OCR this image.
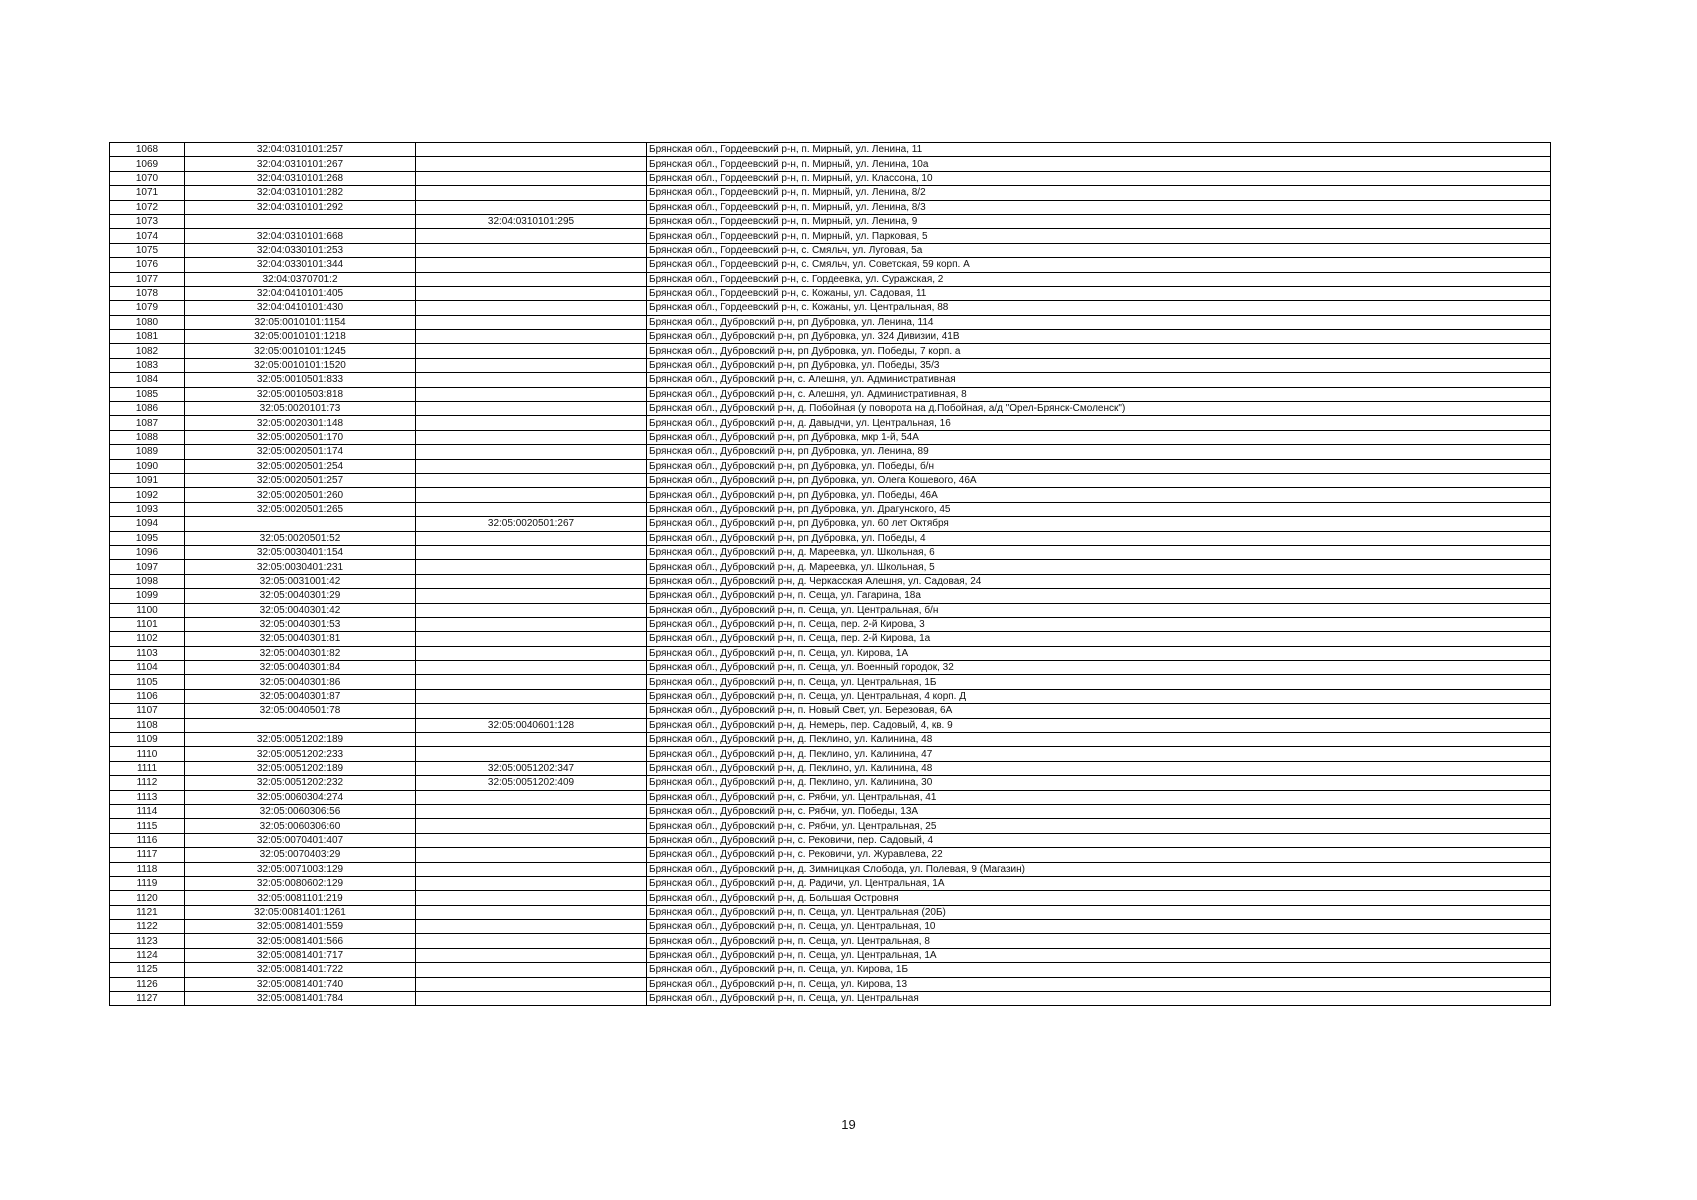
1068	32:04:0310101:257		Брянская обл., Гордеевский р-н, п. Мирный, ул. Ленина, 11
1069	32:04:0310101:267		Брянская обл., Гордеевский р-н, п. Мирный, ул. Ленина, 10а
1070	32:04:0310101:268		Брянская обл., Гордеевский р-н, п. Мирный, ул. Классона, 10
1071	32:04:0310101:282		Брянская обл., Гордеевский р-н, п. Мирный, ул. Ленина, 8/2
1072	32:04:0310101:292		Брянская обл., Гордеевский р-н, п. Мирный, ул. Ленина, 8/3
1073		32:04:0310101:295	Брянская обл., Гордеевский р-н, п. Мирный, ул. Ленина, 9
1074	32:04:0310101:668		Брянская обл., Гордеевский р-н, п. Мирный, ул. Парковая, 5
1075	32:04:0330101:253		Брянская обл., Гордеевский р-н, с. Смяльч, ул. Луговая, 5а
1076	32:04:0330101:344		Брянская обл., Гордеевский р-н, с. Смяльч, ул. Советская, 59 корп. А
1077	32:04:0370701:2		Брянская обл., Гордеевский р-н, с. Гордеевка, ул. Суражская, 2
1078	32:04:0410101:405		Брянская обл., Гордеевский р-н, с. Кожаны, ул. Садовая, 11
1079	32:04:0410101:430		Брянская обл., Гордеевский р-н, с. Кожаны, ул. Центральная, 88
1080	32:05:0010101:1154		Брянская обл., Дубровский р-н, рп Дубровка, ул. Ленина, 114
1081	32:05:0010101:1218		Брянская обл., Дубровский р-н, рп Дубровка, ул. 324 Дивизии, 41В
1082	32:05:0010101:1245		Брянская обл., Дубровский р-н, рп Дубровка, ул. Победы, 7 корп. а
1083	32:05:0010101:1520		Брянская обл., Дубровский р-н, рп Дубровка, ул. Победы, 35/3
1084	32:05:0010501:833		Брянская обл., Дубровский р-н, с. Алешня, ул. Административная
1085	32:05:0010503:818		Брянская обл., Дубровский р-н, с. Алешня, ул. Административная, 8
1086	32:05:0020101:73		Брянская обл., Дубровский р-н, д. Побойная (у поворота на д.Побойная, а/д "Орел-Брянск-Смоленск")
1087	32:05:0020301:148		Брянская обл., Дубровский р-н, д. Давыдчи, ул. Центральная, 16
1088	32:05:0020501:170		Брянская обл., Дубровский р-н, рп Дубровка, мкр 1-й, 54А
1089	32:05:0020501:174		Брянская обл., Дубровский р-н, рп Дубровка, ул. Ленина, 89
1090	32:05:0020501:254		Брянская обл., Дубровский р-н, рп Дубровка, ул. Победы, б/н
1091	32:05:0020501:257		Брянская обл., Дубровский р-н, рп Дубровка, ул. Олега Кошевого, 46А
1092	32:05:0020501:260		Брянская обл., Дубровский р-н, рп Дубровка, ул. Победы, 46А
1093	32:05:0020501:265		Брянская обл., Дубровский р-н, рп Дубровка, ул. Драгунского, 45
1094		32:05:0020501:267	Брянская обл., Дубровский р-н, рп Дубровка, ул. 60 лет Октября
1095	32:05:0020501:52		Брянская обл., Дубровский р-н, рп Дубровка, ул. Победы, 4
1096	32:05:0030401:154		Брянская обл., Дубровский р-н, д. Мареевка, ул. Школьная, 6
1097	32:05:0030401:231		Брянская обл., Дубровский р-н, д. Мареевка, ул. Школьная, 5
1098	32:05:0031001:42		Брянская обл., Дубровский р-н, д. Черкасская Алешня, ул. Садовая, 24
1099	32:05:0040301:29		Брянская обл., Дубровский р-н, п. Сеща, ул. Гагарина, 18а
1100	32:05:0040301:42		Брянская обл., Дубровский р-н, п. Сеща, ул. Центральная, б/н
1101	32:05:0040301:53		Брянская обл., Дубровский р-н, п. Сеща, пер. 2-й Кирова, 3
1102	32:05:0040301:81		Брянская обл., Дубровский р-н, п. Сеща, пер. 2-й Кирова, 1а
1103	32:05:0040301:82		Брянская обл., Дубровский р-н, п. Сеща, ул. Кирова, 1А
1104	32:05:0040301:84		Брянская обл., Дубровский р-н, п. Сеща, ул. Военный городок, 32
1105	32:05:0040301:86		Брянская обл., Дубровский р-н, п. Сеща, ул. Центральная, 1Б
1106	32:05:0040301:87		Брянская обл., Дубровский р-н, п. Сеща, ул. Центральная, 4 корп. Д
1107	32:05:0040501:78		Брянская обл., Дубровский р-н, п. Новый Свет, ул. Березовая, 6А
1108		32:05:0040601:128	Брянская обл., Дубровский р-н, д. Немерь, пер. Садовый, 4, кв. 9
1109	32:05:0051202:189		Брянская обл., Дубровский р-н, д. Пеклино, ул. Калинина, 48
1110	32:05:0051202:233		Брянская обл., Дубровский р-н, д. Пеклино, ул. Калинина, 47
1111	32:05:0051202:189	32:05:0051202:347	Брянская обл., Дубровский р-н, д. Пеклино, ул. Калинина, 48
1112	32:05:0051202:232	32:05:0051202:409	Брянская обл., Дубровский р-н, д. Пеклино, ул. Калинина, 30
1113	32:05:0060304:274		Брянская обл., Дубровский р-н, с. Рябчи, ул. Центральная, 41
1114	32:05:0060306:56		Брянская обл., Дубровский р-н, с. Рябчи, ул. Победы, 13А
1115	32:05:0060306:60		Брянская обл., Дубровский р-н, с. Рябчи, ул. Центральная, 25
1116	32:05:0070401:407		Брянская обл., Дубровский р-н, с. Рековичи, пер. Садовый, 4
1117	32:05:0070403:29		Брянская обл., Дубровский р-н, с. Рековичи, ул. Журавлева, 22
1118	32:05:0071003:129		Брянская обл., Дубровский р-н, д. Зимницкая Слобода, ул. Полевая, 9 (Магазин)
1119	32:05:0080602:129		Брянская обл., Дубровский р-н, д. Радичи, ул. Центральная, 1А
1120	32:05:0081101:219		Брянская обл., Дубровский р-н, д. Большая Островня
1121	32:05:0081401:1261		Брянская обл., Дубровский р-н, п. Сеща, ул. Центральная (20Б)
1122	32:05:0081401:559		Брянская обл., Дубровский р-н, п. Сеща, ул. Центральная, 10
1123	32:05:0081401:566		Брянская обл., Дубровский р-н, п. Сеща, ул. Центральная, 8
1124	32:05:0081401:717		Брянская обл., Дубровский р-н, п. Сеща, ул. Центральная, 1А
1125	32:05:0081401:722		Брянская обл., Дубровский р-н, п. Сеща, ул. Кирова, 1Б
1126	32:05:0081401:740		Брянская обл., Дубровский р-н, п. Сеща, ул. Кирова, 13
1127	32:05:0081401:784		Брянская обл., Дубровский р-н, п. Сеща, ул. Центральная
19
